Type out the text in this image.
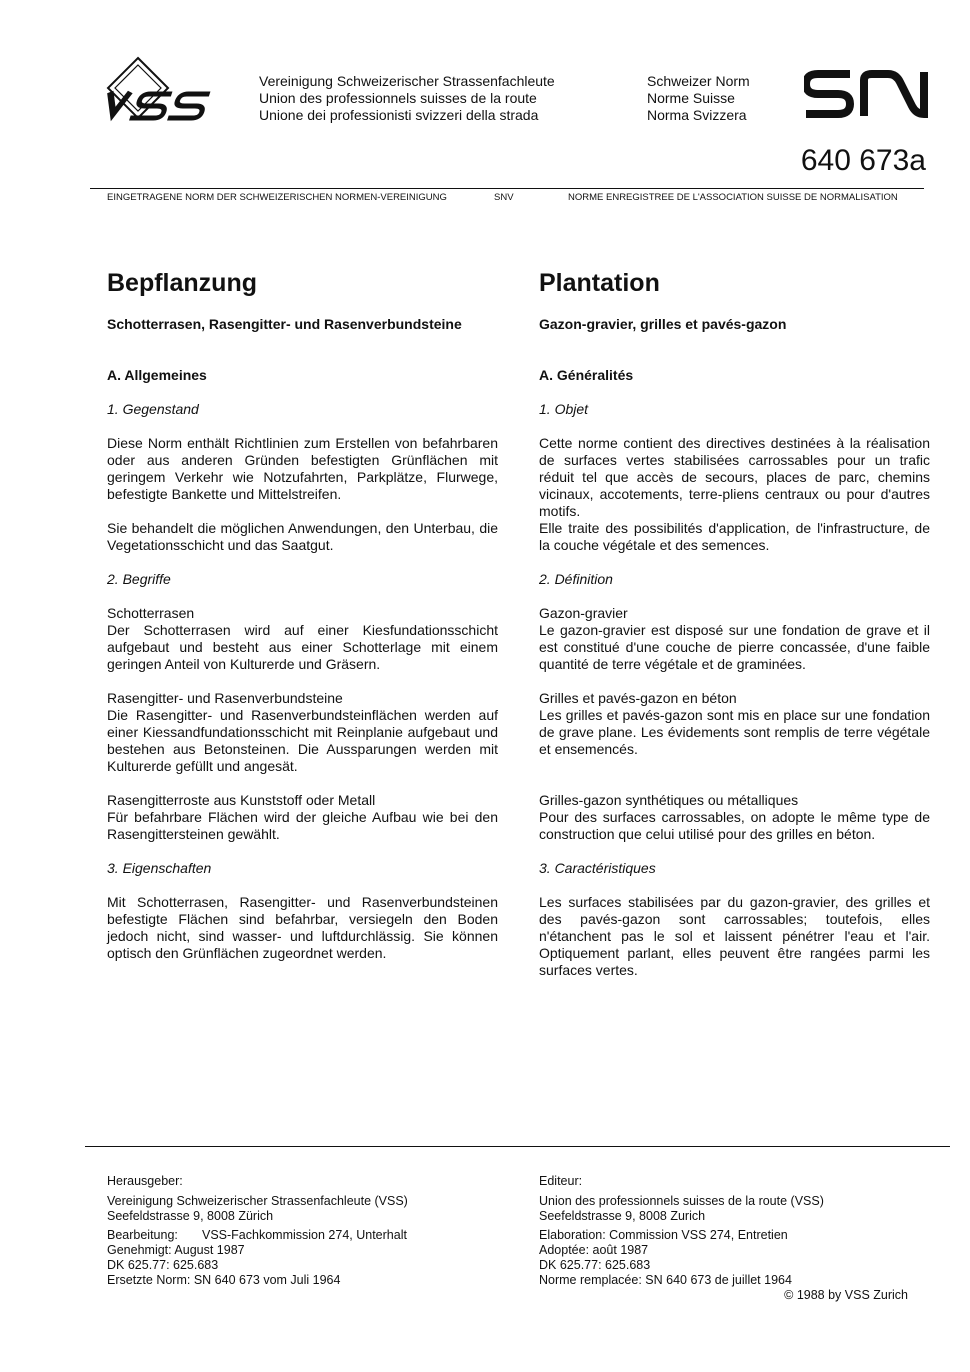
Vereinigung Schweizerischer Strassenfachleute
Union des professionnels suisses de la route
Unione dei professionisti svizzeri della strada
Schweizer Norm
Norme Suisse
Norma Svizzera
640 673a
EINGETRAGENE NORM DER SCHWEIZERISCHEN NORMEN-VEREINIGUNG	SNV	NORME ENREGISTREE DE L'ASSOCIATION SUISSE DE NORMALISATION
Bepflanzung
Schotterrasen, Rasengitter- und Rasenverbundsteine
A. Allgemeines
1. Gegenstand

Diese Norm enthält Richtlinien zum Erstellen von befahrbaren oder aus anderen Gründen befestigten Grünflächen mit geringem Verkehr wie Notzufahrten, Parkplätze, Flurwege, befestigte Bankette und Mittelstreifen.

Sie behandelt die möglichen Anwendungen, den Unterbau, die Vegetationsschicht und das Saatgut.

2. Begriffe

Schotterrasen
Der Schotterrasen wird auf einer Kiesfundationsschicht aufgebaut und besteht aus einer Schotterlage mit einem geringen Anteil von Kulturerde und Gräsern.

Rasengitter- und Rasenverbundsteine
Die Rasengitter- und Rasenverbundsteinflächen werden auf einer Kiessandfundationsschicht mit Reinplanie aufgebaut und bestehen aus Betonsteinen. Die Aussparungen werden mit Kulturerde gefüllt und angesät.

Rasengitterroste aus Kunststoff oder Metall
Für befahrbare Flächen wird der gleiche Aufbau wie bei den Rasengittersteinen gewählt.

3. Eigenschaften

Mit Schotterrasen, Rasengitter- und Rasenverbundsteinen befestigte Flächen sind befahrbar, versiegeln den Boden jedoch nicht, sind wasser- und luftdurchlässig. Sie können optisch den Grünflächen zugeordnet werden.

Plantation
Gazon-gravier, grilles et pavés-gazon
A. Généralités
1. Objet

Cette norme contient des directives destinées à la réalisation de surfaces vertes stabilisées carrossables pour un trafic réduit tel que accès de secours, places de parc, chemins vicinaux, accotements, terre-pliens centraux ou pour d'autres motifs.

Elle traite des possibilités d'application, de l'infrastructure, de la couche végétale et des semences.

2. Définition

Gazon-gravier
Le gazon-gravier est disposé sur une fondation de grave et il est constitué d'une couche de pierre concassée, d'une faible quantité de terre végétale et de graminées.

Grilles et pavés-gazon en béton
Les grilles et pavés-gazon sont mis en place sur une fondation de grave plane. Les évidements sont remplis de terre végétale et ensemencés.

Grilles-gazon synthétiques ou métalliques
Pour des surfaces carrossables, on adopte le même type de construction que celui utilisé pour des grilles en béton.

3. Caractéristiques

Les surfaces stabilisées par du gazon-gravier, des grilles et des pavés-gazon sont carrossables; toutefois, elles n'étanchent pas le sol et laissent pénétrer l'eau et l'air. Optiquement parlant, elles peuvent être rangées parmi les surfaces vertes.

Herausgeber:
Vereinigung Schweizerischer Strassenfachleute (VSS)
Seefeldstrasse 9, 8008 Zürich
Bearbeitung: VSS-Fachkommission 274, Unterhalt
Genehmigt: August 1987
DK 625.77: 625.683
Ersetzte Norm: SN 640 673 vom Juli 1964
Editeur:
Union des professionnels suisses de la route (VSS)
Seefeldstrasse 9, 8008 Zurich
Elaboration: Commission VSS 274, Entretien
Adoptée: août 1987
DK 625.77: 625.683
Norme remplacée: SN 640 673 de juillet 1964
© 1988 by VSS Zurich
